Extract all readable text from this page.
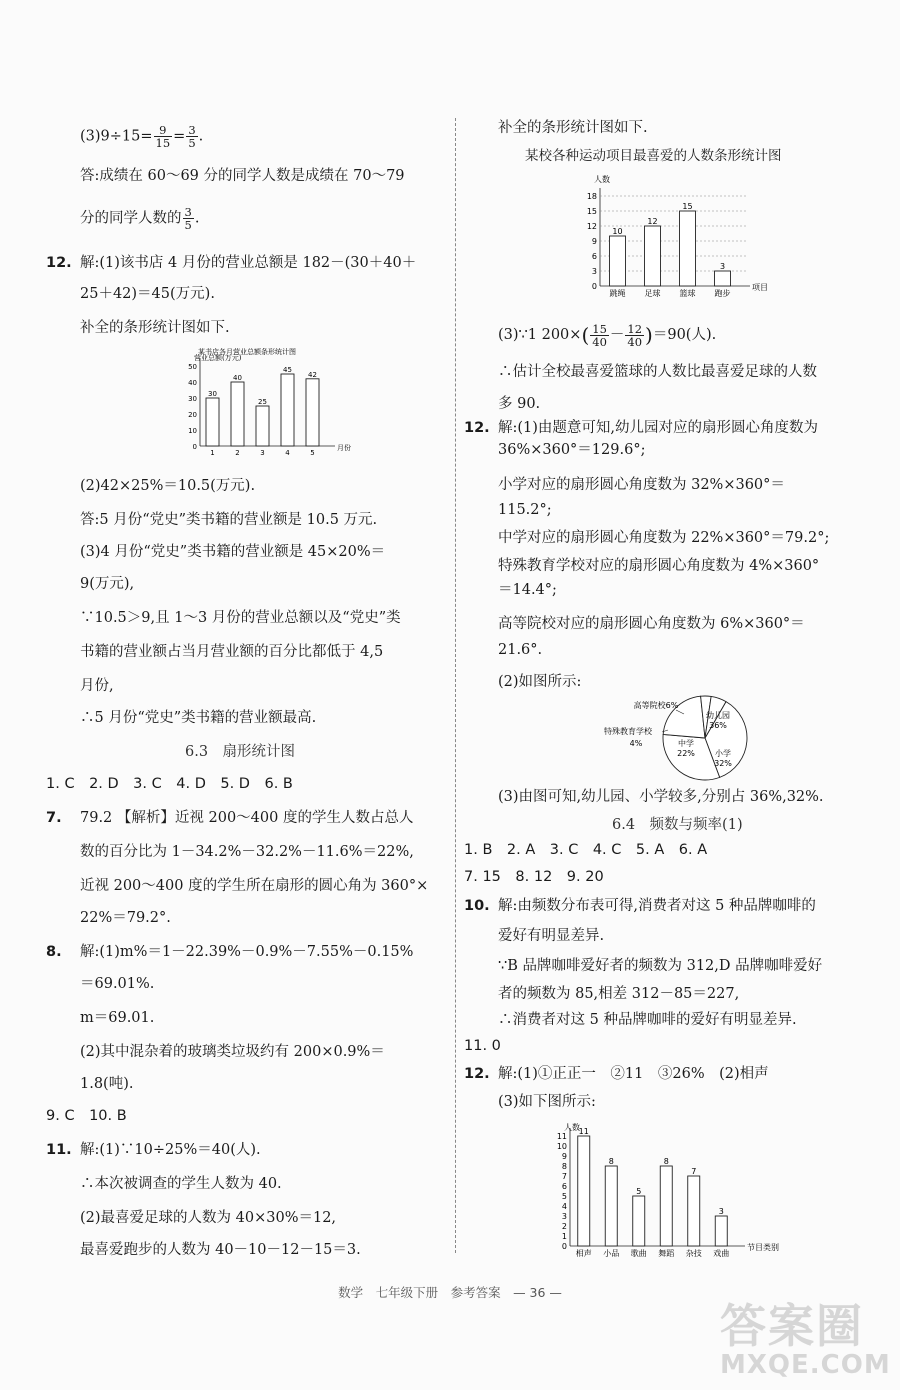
$(3)9\div 15= \frac{9}{15} = \frac{3}{5}$ .
答:成绩在 60～69 分的同学人数是成绩在 70～79
分的同学人数的 $\frac{3}{5}$ .
12. 解:(1)该书店 4 月份的营业总额是 182－(30＋40＋
25＋42)＝45(万元).
补全的条形统计图如下.
某书店各月营业总额条形统计图
营业总额(万元)
月份
0
10
20
30
40
50
30
1
40
2
25
3
45
4
42
5
(2)42×25%＝10.5(万元).
答:5 月份“党史”类书籍的营业额是 10.5 万元.
(3)4 月份“党史”类书籍的营业额是 45×20%＝
9(万元),
∵10.5＞9,且 1～3 月份的营业总额以及“党史”类
书籍的营业额占当月营业额的百分比都低于 4,5
月份,
∴5 月份“党史”类书籍的营业额最高.
6.3　扇形统计图
1. C　2. D　3. C　4. D　5. D　6. B
7. 79.2 【解析】近视 200～400 度的学生人数占总人
数的百分比为 1－34.2%－32.2%－11.6%＝22%,
近视 200～400 度的学生所在扇形的圆心角为 360°×
22%＝79.2°.
8. 解:(1)m%＝1－22.39%－0.9%－7.55%－0.15%
＝69.01%.
m＝69.01.
(2)其中混杂着的玻璃类垃圾约有 200×0.9%＝
1.8(吨).
9. C　10. B
11. 解:(1)∵10÷25%＝40(人).
∴本次被调查的学生人数为 40.
(2)最喜爱足球的人数为 40×30%＝12,
最喜爱跑步的人数为 40－10－12－15＝3.
补全的条形统计图如下.
某校各种运动项目最喜爱的人数条形统计图
人数
项目
0
3
6
9
12
15
18
10
跳绳
12
足球
15
篮球
3
跑步
(3)∵1 $200\times( \frac{15}{40} - \frac{12}{40} )=90$(人).
∴估计全校最喜爱篮球的人数比最喜爱足球的人数
多 90.
12. 解:(1)由题意可知,幼儿园对应的扇形圆心角度数为
36%×360°＝129.6°;
小学对应的扇形圆心角度数为 32%×360°＝
115.2°;
中学对应的扇形圆心角度数为 22%×360°＝79.2°;
特殊教育学校对应的扇形圆心角度数为 4%×360°
＝14.4°;
高等院校对应的扇形圆心角度数为 6%×360°＝
21.6°.
(2)如图所示:
幼儿园
36%
小学
32%
中学
22%
特殊教育学校
4%
高等院校6%
(3)由图可知,幼儿园、小学较多,分别占 36%,32%.
6.4　频数与频率(1)
1. B　2. A　3. C　4. C　5. A　6. A
7. 15　8. 12　9. 20
10. 解:由频数分布表可得,消费者对这 5 种品牌咖啡的
爱好有明显差异.
∵B 品牌咖啡爱好者的频数为 312,D 品牌咖啡爱好
者的频数为 85,相差 312－85＝227,
∴消费者对这 5 种品牌咖啡的爱好有明显差异.
11. 0
12. 解:(1)①正正一　②11　③26%　(2)相声
(3)如下图所示:
人数
节目类别
0
1
2
3
4
5
6
7
8
9
10
11
11
相声
8
小品
5
歌曲
8
舞蹈
7
杂技
3
戏曲
数学　七年级下册　参考答案　— 36 —
答案圈
MXQE.COM
